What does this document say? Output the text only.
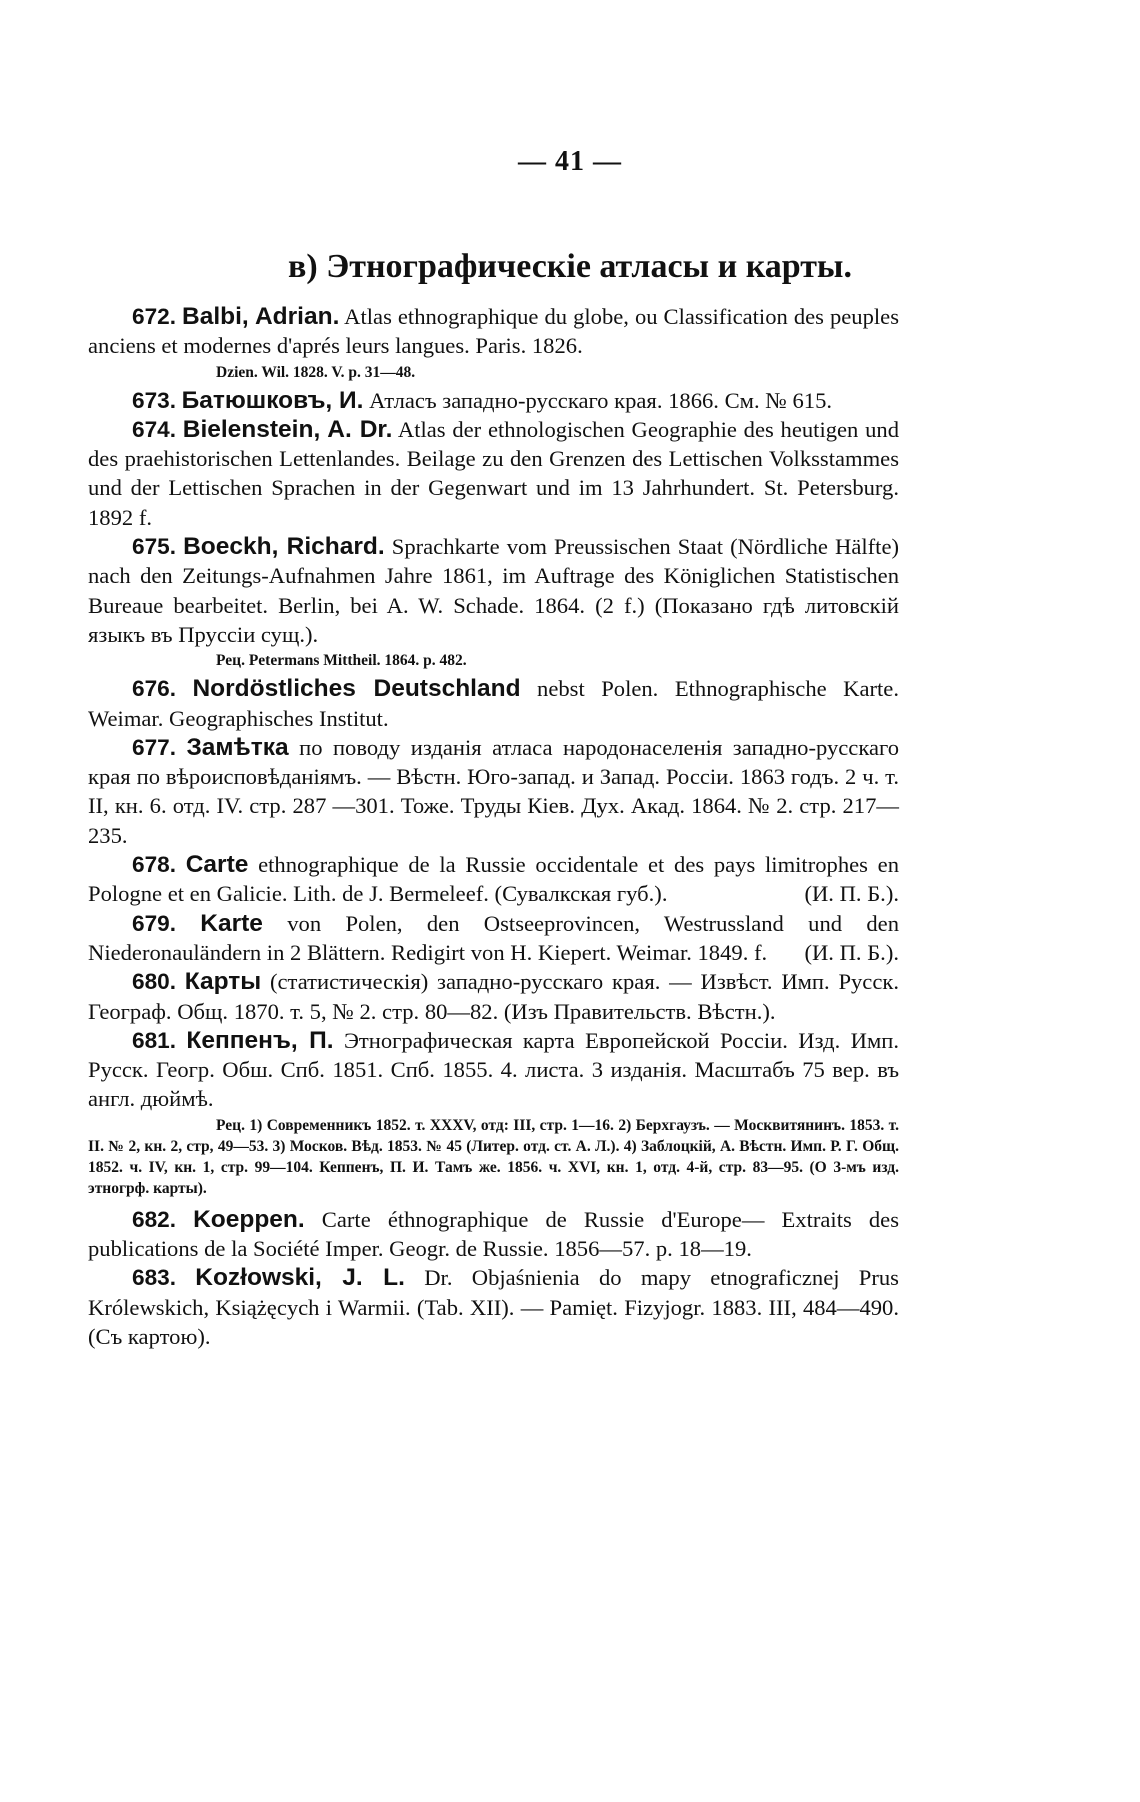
— 41 —
в) Этнографическіе атласы и карты.

672. Balbi, Adrian. Atlas ethnographique du globe, ou Classification des peuples anciens et modernes d'aprés leurs langues. Paris. 1826.

Dzien. Wil. 1828. V. p. 31—48.

673. Батюшковъ, И. Атласъ западно-русскаго края. 1866. См. № 615.

674. Bielenstein, A. Dr. Atlas der ethnologischen Geographie des heutigen und des praehistorischen Lettenlandes. Beilage zu den Grenzen des Lettischen Volksstammes und der Lettischen Sprachen in der Gegenwart und im 13 Jahrhundert. St. Petersburg. 1892 f.

675. Boeckh, Richard. Sprachkarte vom Preussischen Staat (Nördliche Hälfte) nach den Zeitungs-Aufnahmen Jahre 1861, im Auftrage des Königlichen Statistischen Bureaue bearbeitet. Berlin, bei A. W. Schade. 1864. (2 f.) (Показано гдѣ литовскій языкъ въ Пруссіи сущ.).

Рец. Petermans Mittheil. 1864. p. 482.

676. Nordöstliches Deutschland nebst Polen. Ethnographische Karte. Weimar. Geographisches Institut.

677. Замѣтка по поводу изданія атласа народонаселенія западно-русскаго края по вѣроисповѣданіямъ. — Вѣстн. Юго-запад. и Запад. Россіи. 1863 годъ. 2 ч. т. II, кн. 6. отд. IV. стр. 287 —301. Тоже. Труды Кiев. Дух. Акад. 1864. № 2. стр. 217—235.

678. Carte ethnographique de la Russie occidentale et des pays limitrophes en Pologne et en Galicie. Lith. de J. Bermeleef. (Сувалкская губ.).	(И. П. Б.).

679. Karte von Polen, den Ostseeprovincen, Westrussland und den Niederonauländern in 2 Blättern. Redigirt von H. Kiepert. Weimar. 1849. f. (И. П. Б.).

680. Карты (статистическія) западно-русскаго края. — Извѣст. Имп. Русск. Географ. Общ. 1870. т. 5, № 2. стр. 80—82. (Изъ Правительств. Вѣстн.).

681. Кеппенъ, П. Этнографическая карта Европейской Россіи. Изд. Имп. Русск. Геогр. Обш. Спб. 1851. Спб. 1855. 4. листа. 3 изданія. Масштабъ 75 вер. въ англ. дюймѣ.

Рец. 1) Современникъ 1852. т. XXXV, отд: III, стр. 1—16. 2) Берхгаузъ. — Москвитянинъ. 1853. т. II. № 2, кн. 2, стр, 49—53. 3) Москов. Вѣд. 1853. № 45 (Литер. отд. ст. А. Л.). 4) Заблоцкій, А. Вѣстн. Имп. Р. Г. Общ. 1852. ч. IV, кн. 1, стр. 99—104. Кеппенъ, П. И. Тамъ же. 1856. ч. XVI, кн. 1, отд. 4-й, стр. 83—95. (О 3-мъ изд. этногрф. карты).

682. Koeppen. Carte éthnographique de Russie d'Europe— Extraits des publications de la Société Imper. Geogr. de Russie. 1856—57. p. 18—19.

683. Kozłowski, J. L. Dr. Objaśnienia do mapy etnograficznej Prus Królewskich, Książęcych i Warmii. (Tab. XII). — Pamięt. Fizyjogr. 1883. III, 484—490. (Съ картою).
